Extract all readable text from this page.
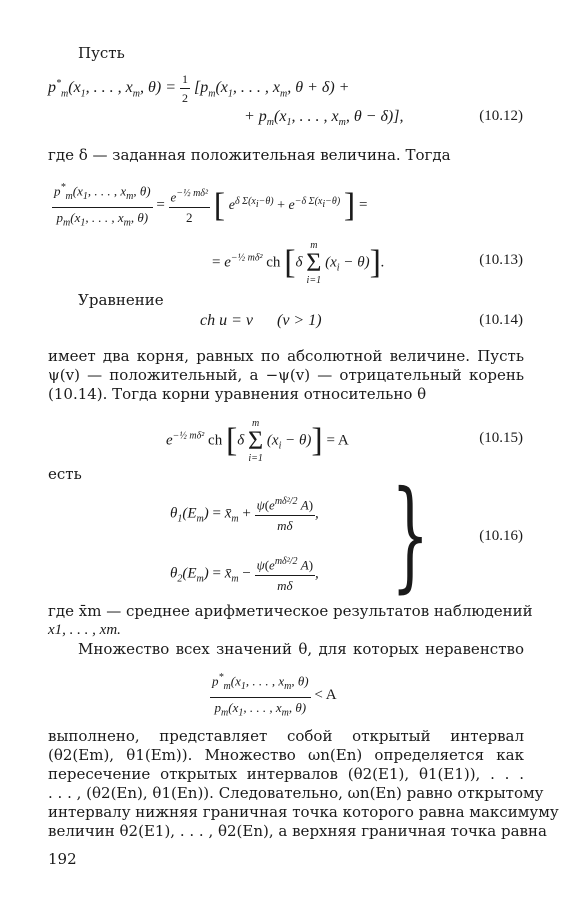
Пусть
$p^*_m(x_1$, . . . , $x_m$, $\theta) = \frac{1}{2} [p_m(x_1$, . . . , $x_m$, θ + δ) +
+ $p_m(x_1$, . . . , $x_m$, θ − δ)],	(10.12)
где δ — заданная положительная величина. Тогда
$\frac{p^*_m(x_1, . . . , x_m, \theta)}{p_m(x_1, . . . , x_m, \theta)} = \frac{e^{-\frac{1}{2} m\delta^2}}{2}$ [ $e^{\delta \Sigma(x_i-\theta)} + e^{-\delta \Sigma(x_i-\theta)}$ ] =
= $e^{-\frac{1}{2} m\delta^2}$ ch [δ
m
Σ
i=1
$(x_i - \theta)$].	(10.13)
Уравнение
ch u = v      (v > 1)	(10.14)
имеет два корня, равных по абсолютной величине. Пусть
ψ(v) — положительный, а −ψ(v) — отрицательный корень
(10.14). Тогда корни уравнения относительно θ
$e^{-\frac{1}{2} m\delta^2}$ ch [δ
m
Σ
i=1
$(x_i - \theta)] = A$	(10.15)
есть
$\theta_1(E_m)$ = $x̄_m + \frac{\psi(e^{m\delta^2/2} A)}{m\delta}$ ,
$\theta_2(E_m)$ = $x̄_m - \frac{\psi(e^{m\delta^2/2} A)}{m\delta}$ , }	(10.16)
где x̄m — среднее арифметическое результатов наблюдений
x1, . . . , xm.
Множество всех значений θ, для которых неравенство
$\frac{p^*_m(x_1, . . . , x_m, \theta)}{p_m(x_1, . . . , x_m, \theta)} < A$
выполнено, представляет собой открытый интервал
(θ2(Em), θ1(Em)). Множество ωn(En) определяется как
пересечение открытых интервалов (θ2(E1), θ1(E1)), . . .
. . . , (θ2(En), θ1(En)). Следовательно, ωn(En) равно открытому
интервалу нижняя граничная точка которого равна максимуму
величин θ2(E1), . . . , θ2(En), а верхняя граничная точка равна
192
